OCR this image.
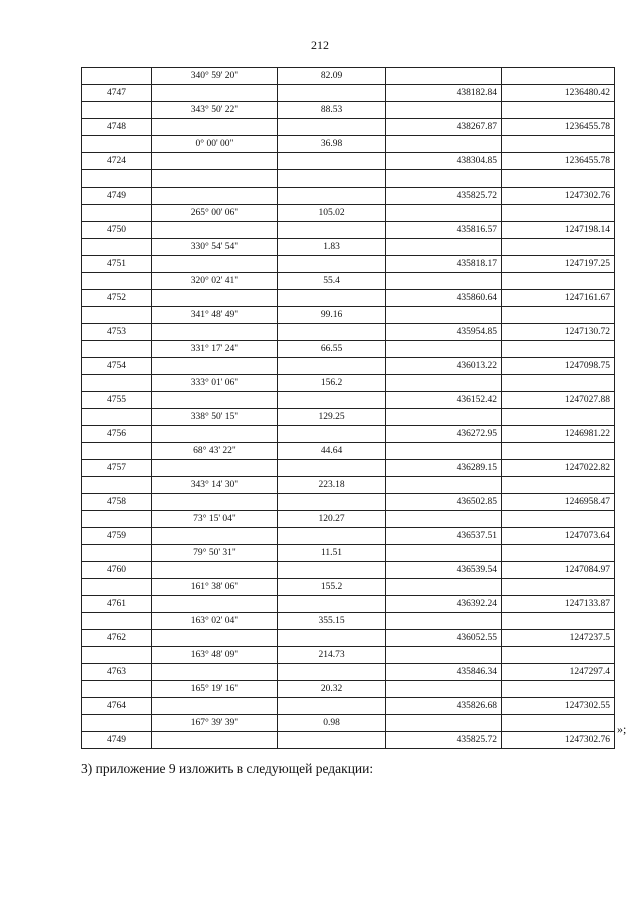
212
	340° 59' 20"	82.09		
4747			438182.84	1236480.42
	343° 50' 22"	88.53		
4748			438267.87	1236455.78
	0° 00' 00"	36.98		
4724			438304.85	1236455.78

4749			435825.72	1247302.76
	265° 00' 06"	105.02		
4750			435816.57	1247198.14
	330° 54' 54"	1.83		
4751			435818.17	1247197.25
	320° 02' 41"	55.4		
4752			435860.64	1247161.67
	341° 48' 49"	99.16		
4753			435954.85	1247130.72
	331° 17' 24"	66.55		
4754			436013.22	1247098.75
	333° 01' 06"	156.2		
4755			436152.42	1247027.88
	338° 50' 15"	129.25		
4756			436272.95	1246981.22
	68° 43' 22"	44.64		
4757			436289.15	1247022.82
	343° 14' 30"	223.18		
4758			436502.85	1246958.47
	73° 15' 04"	120.27		
4759			436537.51	1247073.64
	79° 50' 31"	11.51		
4760			436539.54	1247084.97
	161° 38' 06"	155.2		
4761			436392.24	1247133.87
	163° 02' 04"	355.15		
4762			436052.55	1247237.5
	163° 48' 09"	214.73		
4763			435846.34	1247297.4
	165° 19' 16"	20.32		
4764			435826.68	1247302.55
	167° 39' 39"	0.98		
4749			435825.72	1247302.76
»;
3) приложение 9 изложить в следующей редакции:
